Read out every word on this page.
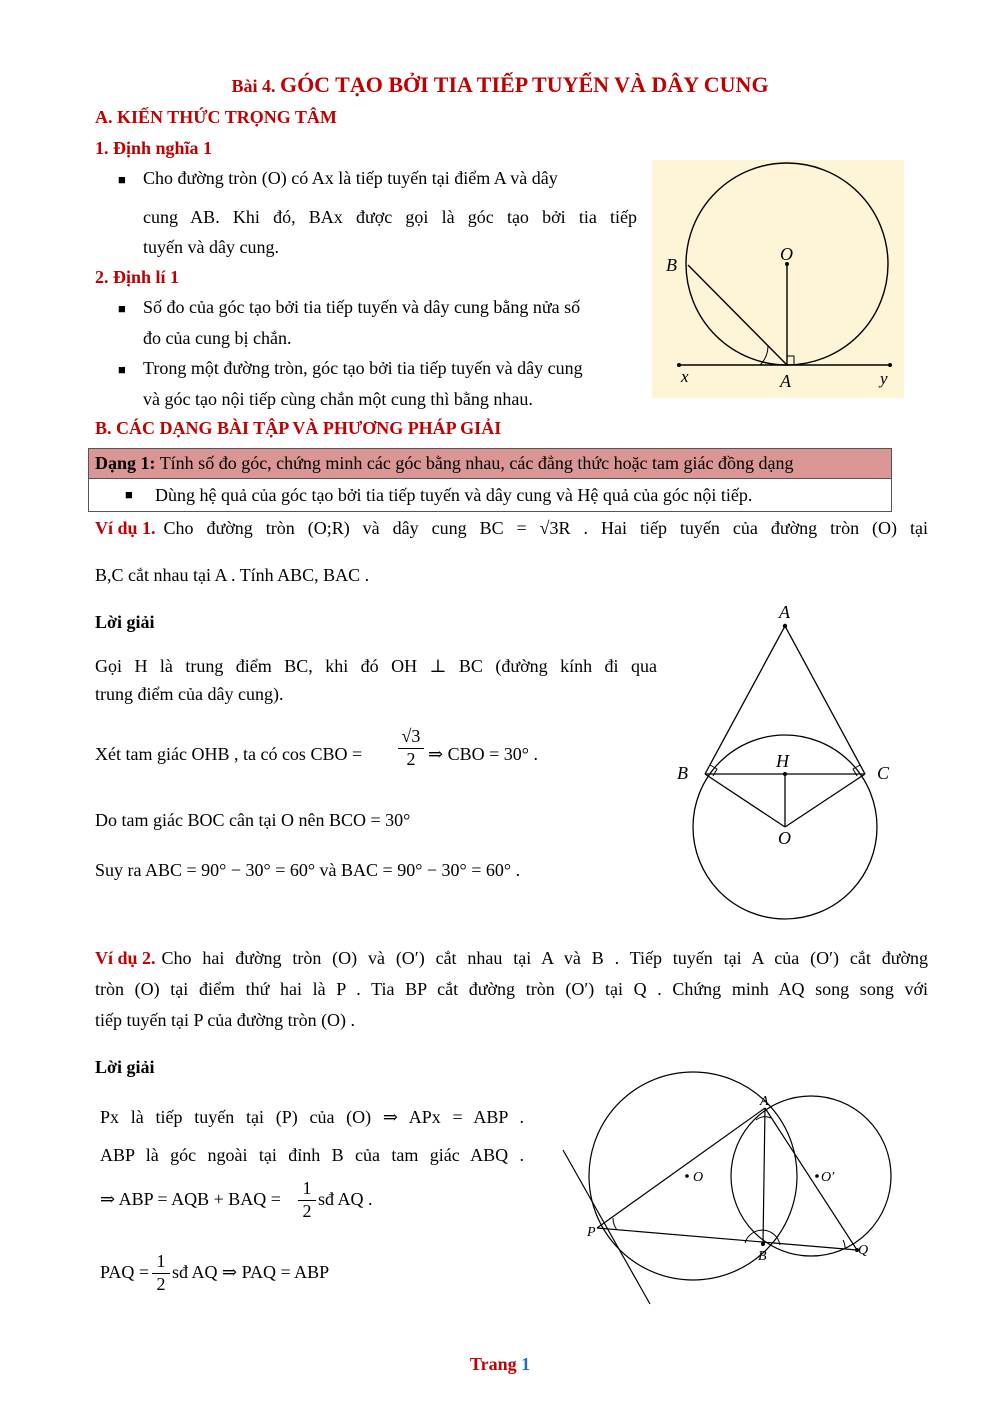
Bài 4. GÓC TẠO BỞI TIA TIẾP TUYẾN VÀ DÂY CUNG
A. KIẾN THỨC TRỌNG TÂM
1. Định nghĩa 1
■ Cho đường tròn (O) có Ax là tiếp tuyến tại điểm A và dây
cung AB. Khi đó, BAx được gọi là góc tạo bởi tia tiếp
tuyến và dây cung.
2. Định lí 1
■ Số đo của góc tạo bởi tia tiếp tuyến và dây cung bằng nửa số
đo của cung bị chắn.
■ Trong một đường tròn, góc tạo bởi tia tiếp tuyến và dây cung
và góc tạo nội tiếp cùng chắn một cung thì bằng nhau.
B
O
x	A	y
B. CÁC DẠNG BÀI TẬP VÀ PHƯƠNG PHÁP GIẢI
Dạng 1: Tính số đo góc, chứng minh các góc bằng nhau, các đẳng thức hoặc tam giác đồng dạng
■ Dùng hệ quả của góc tạo bởi tia tiếp tuyến và dây cung và Hệ quả của góc nội tiếp.
Ví dụ 1. Cho đường tròn (O;R) và dây cung BC = √3R . Hai tiếp tuyến của đường tròn (O) tại
B,C cắt nhau tại A . Tính ABC, BAC .
Lời giải
Gọi H là trung điểm BC, khi đó OH ⊥ BC (đường kính đi qua
trung điểm của dây cung).
Xét tam giác OHB , ta có cos CBO = $\frac{√3}{2}$ ⇒ CBO = 30° .
Do tam giác BOC cân tại O nên BCO = 30°
Suy ra ABC = 90° − 30° = 60° và BAC = 90° − 30° = 60° .
A
H
B	C
O
Ví dụ 2. Cho hai đường tròn (O) và (O′) cắt nhau tại A và B . Tiếp tuyến tại A của (O′) cắt đường
tròn (O) tại điểm thứ hai là P . Tia BP cắt đường tròn (O′) tại Q . Chứng minh AQ song song với
tiếp tuyến tại P của đường tròn (O) .
Lời giải
Px là tiếp tuyến tại (P) của (O) ⇒ APx = ABP .
ABP là góc ngoài tại đỉnh B của tam giác ABQ .
⇒ ABP = AQB + BAQ = $\frac{1}{2}$ sđ AQ .
PAQ = $\frac{1}{2}$ sđ AQ ⇒ PAQ = ABP
A
O	O′
P
B	Q
Trang 1
